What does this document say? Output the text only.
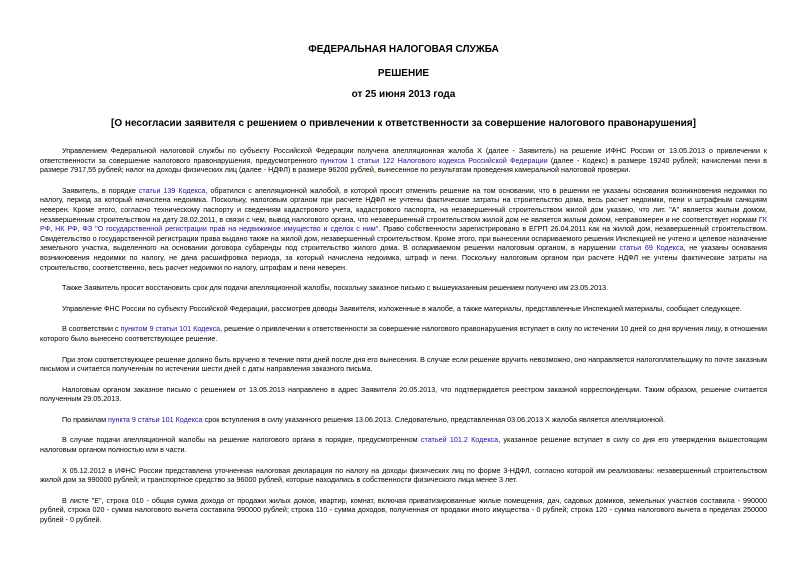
ФЕДЕРАЛЬНАЯ НАЛОГОВАЯ СЛУЖБА
РЕШЕНИЕ
от 25 июня 2013 года
[О несогласии заявителя с решением о привлечении к ответственности за совершение налогового правонарушения]

Управлением Федеральной налоговой службы по субъекту Российской Федерации получена апелляционная жалоба Х (далее - Заявитель) на решение ИФНС России от 13.05.2013 о привлечении к ответственности за совершение налогового правонарушения, предусмотренного пунктом 1 статьи 122 Налогового кодекса Российской Федерации (далее - Кодекс) в размере 19240 рублей; начислении пени в размере 7917,55 рублей; налог на доходы физических лиц (далее - НДФЛ) в размере 96200 рублей, вынесенное по результатам проведения камеральной налоговой проверки.

Заявитель, в порядке статьи 139 Кодекса, обратился с апелляционной жалобой, в которой просит отменить решение на том основании, что в решении не указаны основания возникновения недоимки по налогу, период за который начислена недоимка. Поскольку, налоговым органом при расчете НДФЛ не учтены фактические затраты на строительство дома, весь расчет недоимки, пени и штрафным санкциям неверен. Кроме этого, согласно техническому паспорту и сведениям кадастрового учета, кадастрового паспорта, на незавершенный строительством жилой дом указано, что лит. "А" является жилым домом, незавершенным строительством на дату 28.02.2011, в связи с чем, вывод налогового органа, что незавершенный строительством жилой дом не является жилым домом, неправомерен и не соответствует нормам ГК РФ, НК РФ, ФЗ "О государственной регистрации прав на недвижимое имущество и сделок с ним". Право собственности зарегистрировано в ЕГРП 26.04.2011 как на жилой дом, незавершенный строительством. Свидетельство о государственной регистрации права выдано также на жилой дом, незавершенный строительством. Кроме этого, при вынесении оспариваемого решения Инспекцией не учтено и целевое назначение земельного участка, выделенного на основании договора субаренды под строительство жилого дома. В оспариваемом решении налоговым органом, в нарушении статьи 69 Кодекса, не указаны основания возникновения недоимки по налогу, не дана расшифровка периода, за который начислена недоимка, штраф и пени. Поскольку налоговым органом при расчете НДФЛ не учтены фактические затраты на строительство, соответственно, весь расчет недоимки по налогу, штрафам и пени неверен.

Также Заявитель просит восстановить срок для подачи апелляционной жалобы, поскольку заказное письмо с вышеуказанным решением получено им 23.05.2013.

Управление ФНС России по субъекту Российской Федерации, рассмотрев доводы Заявителя, изложенные в жалобе, а также материалы, представленные Инспекцией материалы, сообщает следующее.

В соответствии с пунктом 9 статьи 101 Кодекса, решение о привлечении к ответственности за совершение налогового правонарушения вступает в силу по истечении 10 дней со дня вручения лицу, в отношении которого было вынесено соответствующее решение.

При этом соответствующее решение должно быть вручено в течение пяти дней после дня его вынесения. В случае если решение вручить невозможно, оно направляется налогоплательщику по почте заказным письмом и считается полученным по истечении шести дней с даты направления заказного письма.

Налоговым органом заказное письмо с решением от 13.05.2013 направлено в адрес Заявителя 20.05.2013, что подтверждается реестром заказной корреспонденции. Таким образом, решение считается полученным 29.05.2013.

По правилам пункта 9 статьи 101 Кодекса срок вступления в силу указанного решения 13.06.2013. Следовательно, представленная 03.06.2013 Х жалоба является апелляционной.

В случае подачи апелляционной жалобы на решение налогового органа в порядке, предусмотренном статьей 101.2 Кодекса, указанное решение вступает в силу со дня его утверждения вышестоящим налоговым органом полностью или в части.

Х 05.12.2012 в ИФНС России представлена уточненная налоговая декларация по налогу на доходы физических лиц по форме 3-НДФЛ, согласно которой им реализованы: незавершенный строительством жилой дом за 990000 рублей; и транспортное средство за 96000 рублей, которые находились в собственности физического лица менее 3 лет.

В листе "Е", строка 010 - общая сумма дохода от продажи жилых домов, квартир, комнат, включая приватизированные жилые помещения, дач, садовых домиков, земельных участков составила - 990000 рублей, строка 020 - сумма налогового вычета составила 990000 рублей; строка 110 - сумма доходов, полученная от продажи иного имущества - 0 рублей; строка 120 - сумма налогового вычета в пределах 250000 рублей - 0 рублей.
